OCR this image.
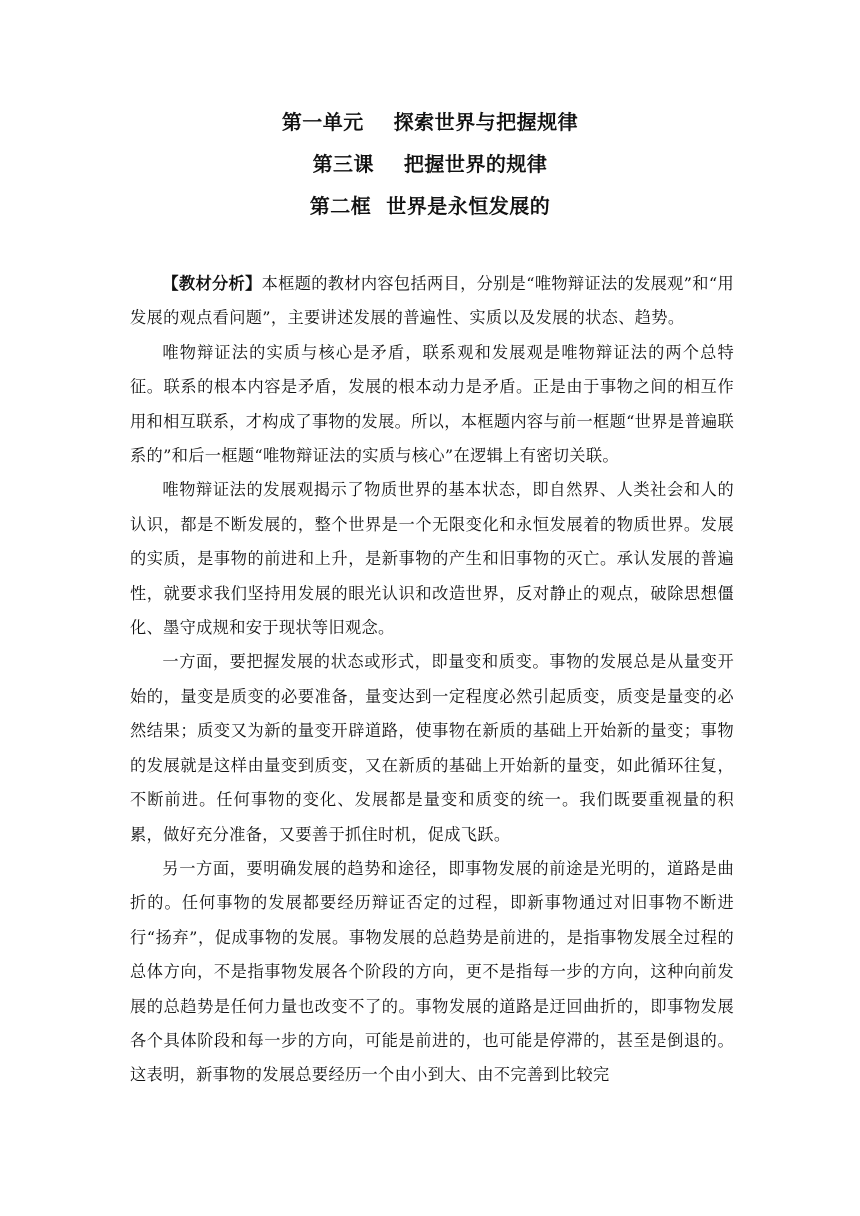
第一单元    探索世界与把握规律
第三课    把握世界的规律
第二框  世界是永恒发展的

【教材分析】本框题的教材内容包括两目，分别是“唯物辩证法的发展观”和“用发展的观点看问题”，主要讲述发展的普遍性、实质以及发展的状态、趋势。

唯物辩证法的实质与核心是矛盾，联系观和发展观是唯物辩证法的两个总特征。联系的根本内容是矛盾，发展的根本动力是矛盾。正是由于事物之间的相互作用和相互联系，才构成了事物的发展。所以，本框题内容与前一框题“世界是普遍联系的”和后一框题“唯物辩证法的实质与核心”在逻辑上有密切关联。

唯物辩证法的发展观揭示了物质世界的基本状态，即自然界、人类社会和人的认识，都是不断发展的，整个世界是一个无限变化和永恒发展着的物质世界。发展的实质，是事物的前进和上升，是新事物的产生和旧事物的灭亡。承认发展的普遍性，就要求我们坚持用发展的眼光认识和改造世界，反对静止的观点，破除思想僵化、墨守成规和安于现状等旧观念。

一方面，要把握发展的状态或形式，即量变和质变。事物的发展总是从量变开始的，量变是质变的必要准备，量变达到一定程度必然引起质变，质变是量变的必然结果；质变又为新的量变开辟道路，使事物在新质的基础上开始新的量变；事物的发展就是这样由量变到质变，又在新质的基础上开始新的量变，如此循环往复，不断前进。任何事物的变化、发展都是量变和质变的统一。我们既要重视量的积累，做好充分准备，又要善于抓住时机，促成飞跃。

另一方面，要明确发展的趋势和途径，即事物发展的前途是光明的，道路是曲折的。任何事物的发展都要经历辩证否定的过程，即新事物通过对旧事物不断进行“扬弃”，促成事物的发展。事物发展的总趋势是前进的，是指事物发展全过程的总体方向，不是指事物发展各个阶段的方向，更不是指每一步的方向，这种向前发展的总趋势是任何力量也改变不了的。事物发展的道路是迂回曲折的，即事物发展各个具体阶段和每一步的方向，可能是前进的，也可能是停滞的，甚至是倒退的。这表明，新事物的发展总要经历一个由小到大、由不完善到比较完
